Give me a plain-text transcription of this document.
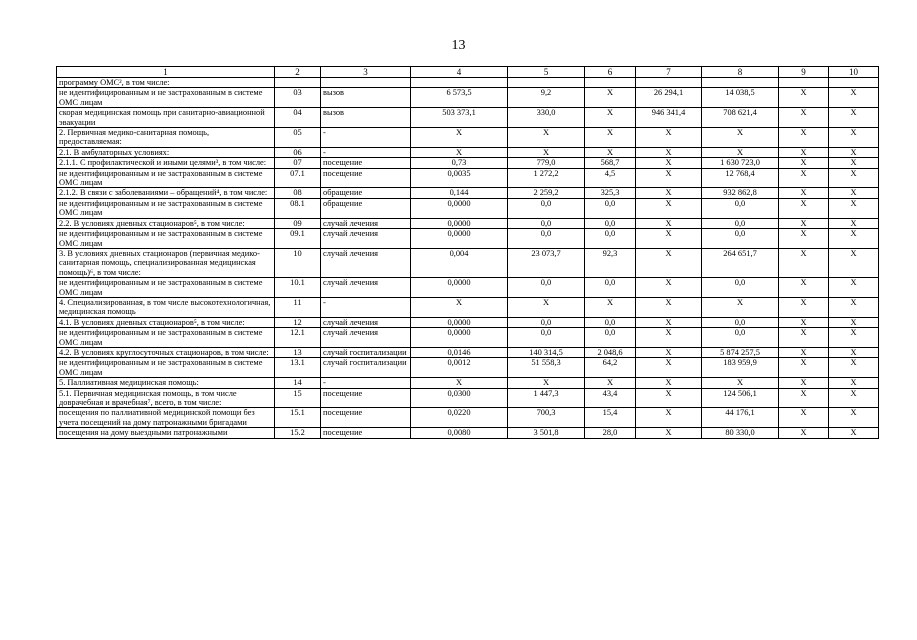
13
1	2	3	4	5	6	7	8	9	10
программу ОМС², в том числе:									
не идентифицированным и не застрахованным в системе ОМС лицам	03	вызов	6 573,5	9,2	X	26 294,1	14 038,5	X	X
скорая медицинская помощь при санитарно-авиационной эвакуации	04	вызов	503 373,1	330,0	X	946 341,4	708 621,4	X	X
2. Первичная медико-санитарная помощь, предоставляемая:	05	-	X	X	X	X	X	X	X
2.1. В амбулаторных условиях:	06	-	X	X	X	X	X	X	X
2.1.1. С профилактической и иными целями³, в том числе:	07	посещение	0,73	779,0	568,7	X	1 630 723,0	X	X
не идентифицированным и не застрахованным в системе ОМС лицам	07.1	посещение	0,0035	1 272,2	4,5	X	12 768,4	X	X
2.1.2. В связи с заболеваниями – обращений⁴, в том числе:	08	обращение	0,144	2 259,2	325,3	X	932 862,8	X	X
не идентифицированным и не застрахованным в системе ОМС лицам	08.1	обращение	0,0000	0,0	0,0	X	0,0	X	X
2.2. В условиях дневных стационаров⁵, в том числе:	09	случай лечения	0,0000	0,0	0,0	X	0,0	X	X
не идентифицированным и не застрахованным в системе ОМС лицам	09.1	случай лечения	0,0000	0,0	0,0	X	0,0	X	X
3. В условиях дневных стационаров (первичная медико-санитарная помощь, специализированная медицинская помощь)⁶, в том числе:	10	случай лечения	0,004	23 073,7	92,3	X	264 651,7	X	X
не идентифицированным и не застрахованным в системе ОМС лицам	10.1	случай лечения	0,0000	0,0	0,0	X	0,0	X	X
4. Специализированная, в том числе высокотехнологичная, медицинская помощь	11	-	X	X	X	X	X	X	X
4.1. В условиях дневных стационаров⁵, в том числе:	12	случай лечения	0,0000	0,0	0,0	X	0,0	X	X
не идентифицированным и не застрахованным в системе ОМС лицам	12.1	случай лечения	0,0000	0,0	0,0	X	0,0	X	X
4.2. В условиях круглосуточных стационаров, в том числе:	13	случай госпитализации	0,0146	140 314,5	2 048,6	X	5 874 257,5	X	X
не идентифицированным и не застрахованным в системе ОМС лицам	13.1	случай госпитализации	0,0012	51 558,3	64,2	X	183 959,9	X	X
5. Паллиативная медицинская помощь:	14	-	X	X	X	X	X	X	X
5.1. Первичная медицинская помощь, в том числе доврачебная и врачебная⁷, всего, в том числе:	15	посещение	0,0300	1 447,3	43,4	X	124 506,1	X	X
посещения по паллиативной медицинской помощи без учета посещений на дому патронажными бригадами	15.1	посещение	0,0220	700,3	15,4	X	44 176,1	X	X
посещения на дому выездными патронажными	15.2	посещение	0,0080	3 501,8	28,0	X	80 330,0	X	X
